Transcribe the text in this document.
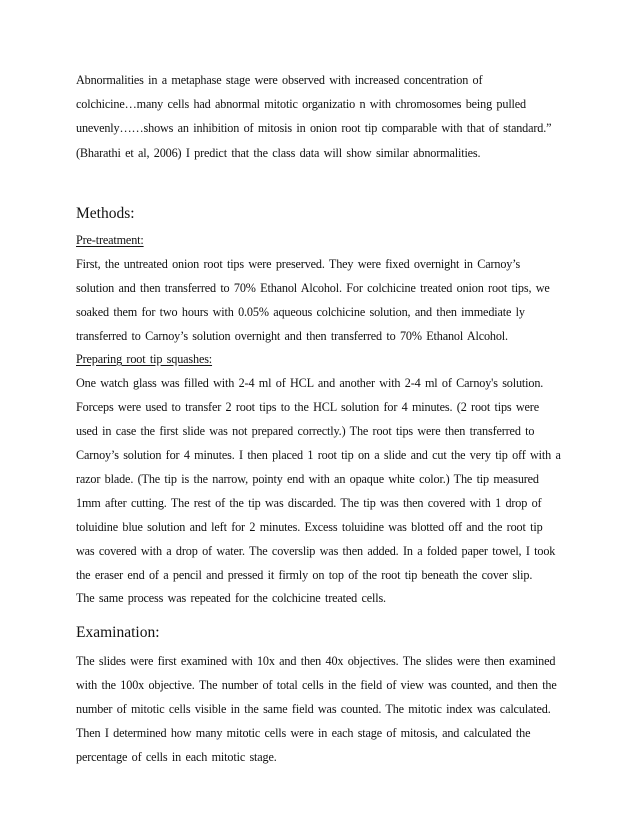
Abnormalities in a metaphase stage were observed with increased concentration of
colchicine…many cells had abnormal mitotic organizatio n with chromosomes being pulled
unevenly……shows an inhibition of mitosis in onion root tip comparable with that of standard.”
(Bharathi et al, 2006) I predict that the class data will show similar abnormalities.
Methods:
Pre-treatment:
First, the untreated onion root tips were preserved. They were fixed overnight in Carnoy’s
solution and then transferred to 70% Ethanol Alcohol. For colchicine treated onion root tips, we
soaked them for two hours with 0.05% aqueous colchicine solution, and then immediate ly
transferred to Carnoy’s solution overnight and then transferred to 70% Ethanol Alcohol.
Preparing root tip squashes:
One watch glass was filled with 2-4 ml of HCL and another with 2-4 ml of Carnoy's solution.
Forceps were used to transfer 2 root tips to the HCL solution for 4 minutes. (2 root tips were
used in case the first slide was not prepared correctly.) The root tips were then transferred to
Carnoy’s solution for 4 minutes. I then placed 1 root tip on a slide and cut the very tip off with a
razor blade. (The tip is the narrow, pointy end with an opaque white color.) The tip measured
1mm after cutting. The rest of the tip was discarded. The tip was then covered with 1 drop of
toluidine blue solution and left for 2 minutes. Excess toluidine was blotted off and the root tip
was covered with a drop of water. The coverslip was then added. In a folded paper towel, I took
the eraser end of a pencil and pressed it firmly on top of the root tip beneath the cover slip.
The same process was repeated for the colchicine treated cells.
Examination:
The slides were first examined with 10x and then 40x objectives. The slides were then examined
with the 100x objective. The number of total cells in the field of view was counted, and then the
number of mitotic cells visible in the same field was counted. The mitotic index was calculated.
Then I determined how many mitotic cells were in each stage of mitosis, and calculated the
percentage of cells in each mitotic stage.
